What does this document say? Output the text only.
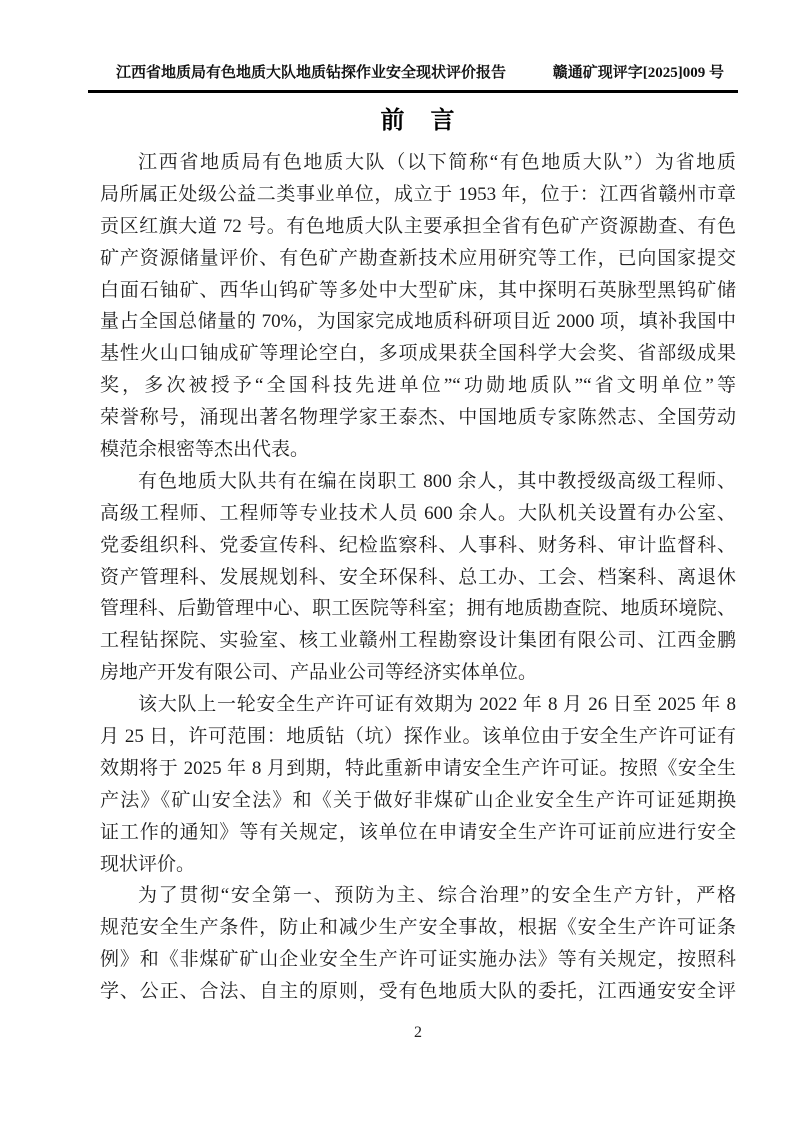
江西省地质局有色地质大队地质钻探作业安全现状评价报告	赣通矿现评字[2025]009 号
前　言
江西省地质局有色地质大队（以下简称“有色地质大队”）为省地质
局所属正处级公益二类事业单位，成立于 1953 年，位于：江西省赣州市章
贡区红旗大道 72 号。有色地质大队主要承担全省有色矿产资源勘查、有色
矿产资源储量评价、有色矿产勘查新技术应用研究等工作，已向国家提交
白面石铀矿、西华山钨矿等多处中大型矿床，其中探明石英脉型黑钨矿储
量占全国总储量的 70%，为国家完成地质科研项目近 2000 项，填补我国中
基性火山口铀成矿等理论空白，多项成果获全国科学大会奖、省部级成果
奖，多次被授予“全国科技先进单位”“功勋地质队”“省文明单位”等
荣誉称号，涌现出著名物理学家王泰杰、中国地质专家陈然志、全国劳动
模范余根密等杰出代表。
有色地质大队共有在编在岗职工 800 余人，其中教授级高级工程师、
高级工程师、工程师等专业技术人员 600 余人。大队机关设置有办公室、
党委组织科、党委宣传科、纪检监察科、人事科、财务科、审计监督科、
资产管理科、发展规划科、安全环保科、总工办、工会、档案科、离退休
管理科、后勤管理中心、职工医院等科室；拥有地质勘查院、地质环境院、
工程钻探院、实验室、核工业赣州工程勘察设计集团有限公司、江西金鹏
房地产开发有限公司、产品业公司等经济实体单位。
该大队上一轮安全生产许可证有效期为 2022 年 8 月 26 日至 2025 年 8
月 25 日，许可范围：地质钻（坑）探作业。该单位由于安全生产许可证有
效期将于 2025 年 8 月到期，特此重新申请安全生产许可证。按照《安全生
产法》《矿山安全法》和《关于做好非煤矿山企业安全生产许可证延期换
证工作的通知》等有关规定，该单位在申请安全生产许可证前应进行安全
现状评价。
为了贯彻“安全第一、预防为主、综合治理”的安全生产方针，严格
规范安全生产条件，防止和减少生产安全事故，根据《安全生产许可证条
例》和《非煤矿矿山企业安全生产许可证实施办法》等有关规定，按照科
学、公正、合法、自主的原则，受有色地质大队的委托，江西通安安全评
2
